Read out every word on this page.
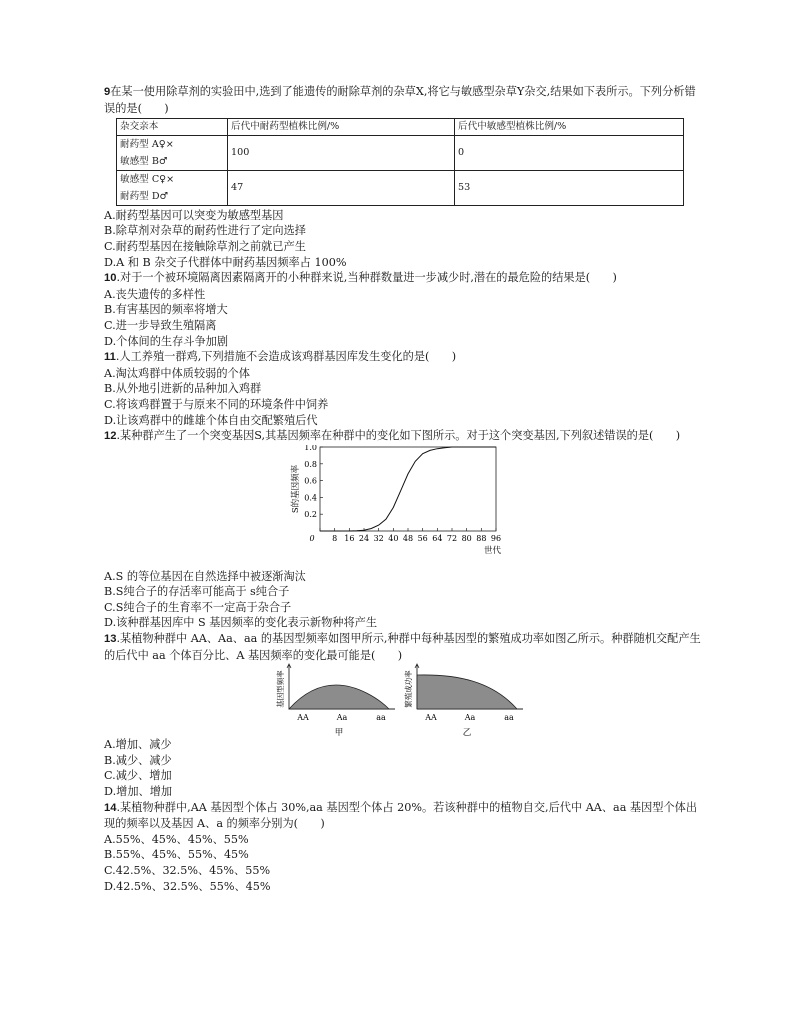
9在某一使用除草剂的实验田中,选到了能遗传的耐除草剂的杂草X,将它与敏感型杂草Y杂交,结果如下表所示。下列分析错误的是(　　)

杂交亲本	后代中耐药型植株比例/%	后代中敏感型植株比例/%
耐药型 A♀×
敏感型 B♂	100	0
敏感型 C♀×
耐药型 D♂	47	53

A.耐药型基因可以突变为敏感型基因

B.除草剂对杂草的耐药性进行了定向选择

C.耐药型基因在接触除草剂之前就已产生

D.A 和 B 杂交子代群体中耐药基因频率占 100%

10.对于一个被环境隔离因素隔离开的小种群来说,当种群数量进一步减少时,潜在的最危险的结果是(　　)

A.丧失遗传的多样性

B.有害基因的频率将增大

C.进一步导致生殖隔离

D.个体间的生存斗争加剧

11.人工养殖一群鸡,下列措施不会造成该鸡群基因库发生变化的是(　　)

A.淘汰鸡群中体质较弱的个体

B.从外地引进新的品种加入鸡群

C.将该鸡群置于与原来不同的环境条件中饲养

D.让该鸡群中的雌雄个体自由交配繁殖后代

12.某种群产生了一个突变基因S,其基因频率在种群中的变化如下图所示。对于这个突变基因,下列叙述错误的是(　　)

0 8 16 24 32 40 48 56 64 72 80 88 96
0.2
0.4
0.6
0.8
1.0
S的基因频率
世代

A.S 的等位基因在自然选择中被逐渐淘汰

B.S纯合子的存活率可能高于 s纯合子

C.S纯合子的生育率不一定高于杂合子

D.该种群基因库中 S 基因频率的变化表示新物种将产生

13.某植物种群中 AA、Aa、aa 的基因型频率如图甲所示,种群中每种基因型的繁殖成功率如图乙所示。种群随机交配产生的后代中 aa 个体百分比、A 基因频率的变化最可能是(　　)

AA	Aa	aa
基因型频率
甲
AA	Aa	aa
繁殖成功率
乙

A.增加、减少

B.减少、减少

C.减少、增加

D.增加、增加

14.某植物种群中,AA 基因型个体占 30%,aa 基因型个体占 20%。若该种群中的植物自交,后代中 AA、aa 基因型个体出现的频率以及基因 A、a 的频率分别为(　　)

A.55%、45%、45%、55%

B.55%、45%、55%、45%

C.42.5%、32.5%、45%、55%

D.42.5%、32.5%、55%、45%
